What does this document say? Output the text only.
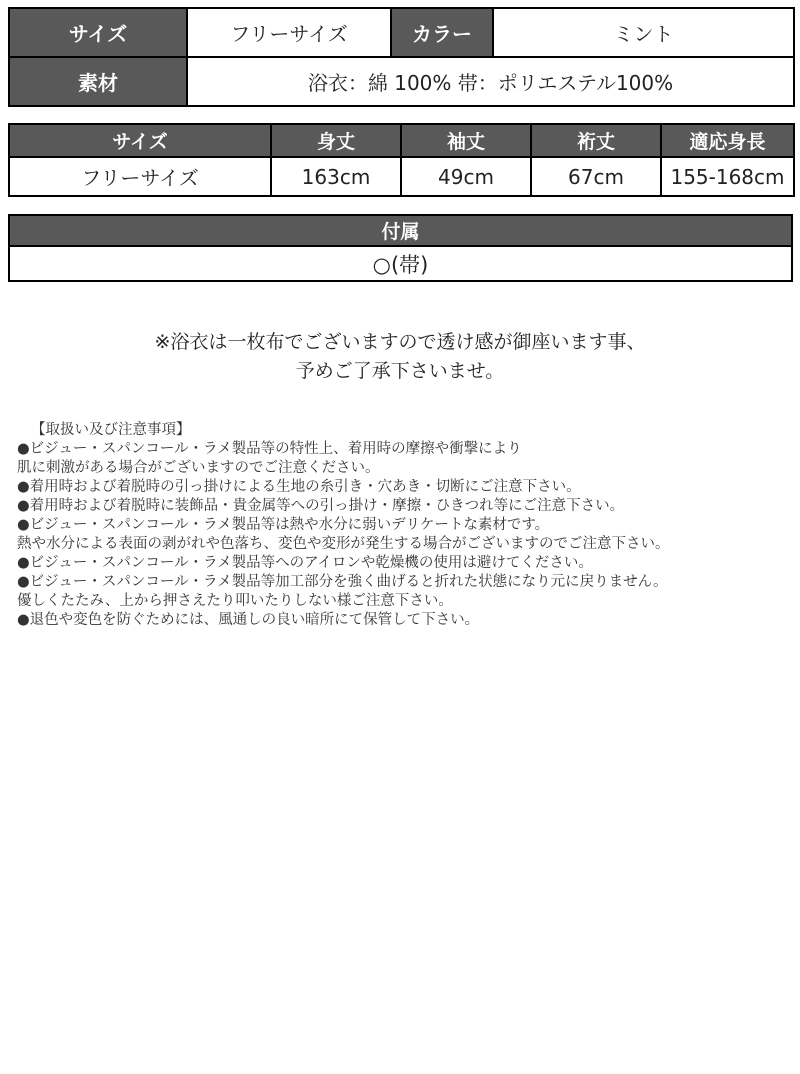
サイズ	フリーサイズ	カラー	ミント
素材	浴衣：綿 100% 帯：ポリエステル100%		
サイズ	身丈	袖丈	裄丈	適応身長
フリーサイズ	163cm	49cm	67cm	155-168cm
付属
○(帯)
※浴衣は一枚布でございますので透け感が御座います事、
予めご了承下さいませ。
【取扱い及び注意事項】
●ビジュー・スパンコール・ラメ製品等の特性上、着用時の摩擦や衝撃により
肌に刺激がある場合がございますのでご注意ください。
●着用時および着脱時の引っ掛けによる生地の糸引き・穴あき・切断にご注意下さい。
●着用時および着脱時に装飾品・貴金属等への引っ掛け・摩擦・ひきつれ等にご注意下さい。
●ビジュー・スパンコール・ラメ製品等は熱や水分に弱いデリケートな素材です。
熱や水分による表面の剥がれや色落ち、変色や変形が発生する場合がございますのでご注意下さい。
●ビジュー・スパンコール・ラメ製品等へのアイロンや乾燥機の使用は避けてください。
●ビジュー・スパンコール・ラメ製品等加工部分を強く曲げると折れた状態になり元に戻りません。
優しくたたみ、上から押さえたり叩いたりしない様ご注意下さい。
●退色や変色を防ぐためには、風通しの良い暗所にて保管して下さい。
